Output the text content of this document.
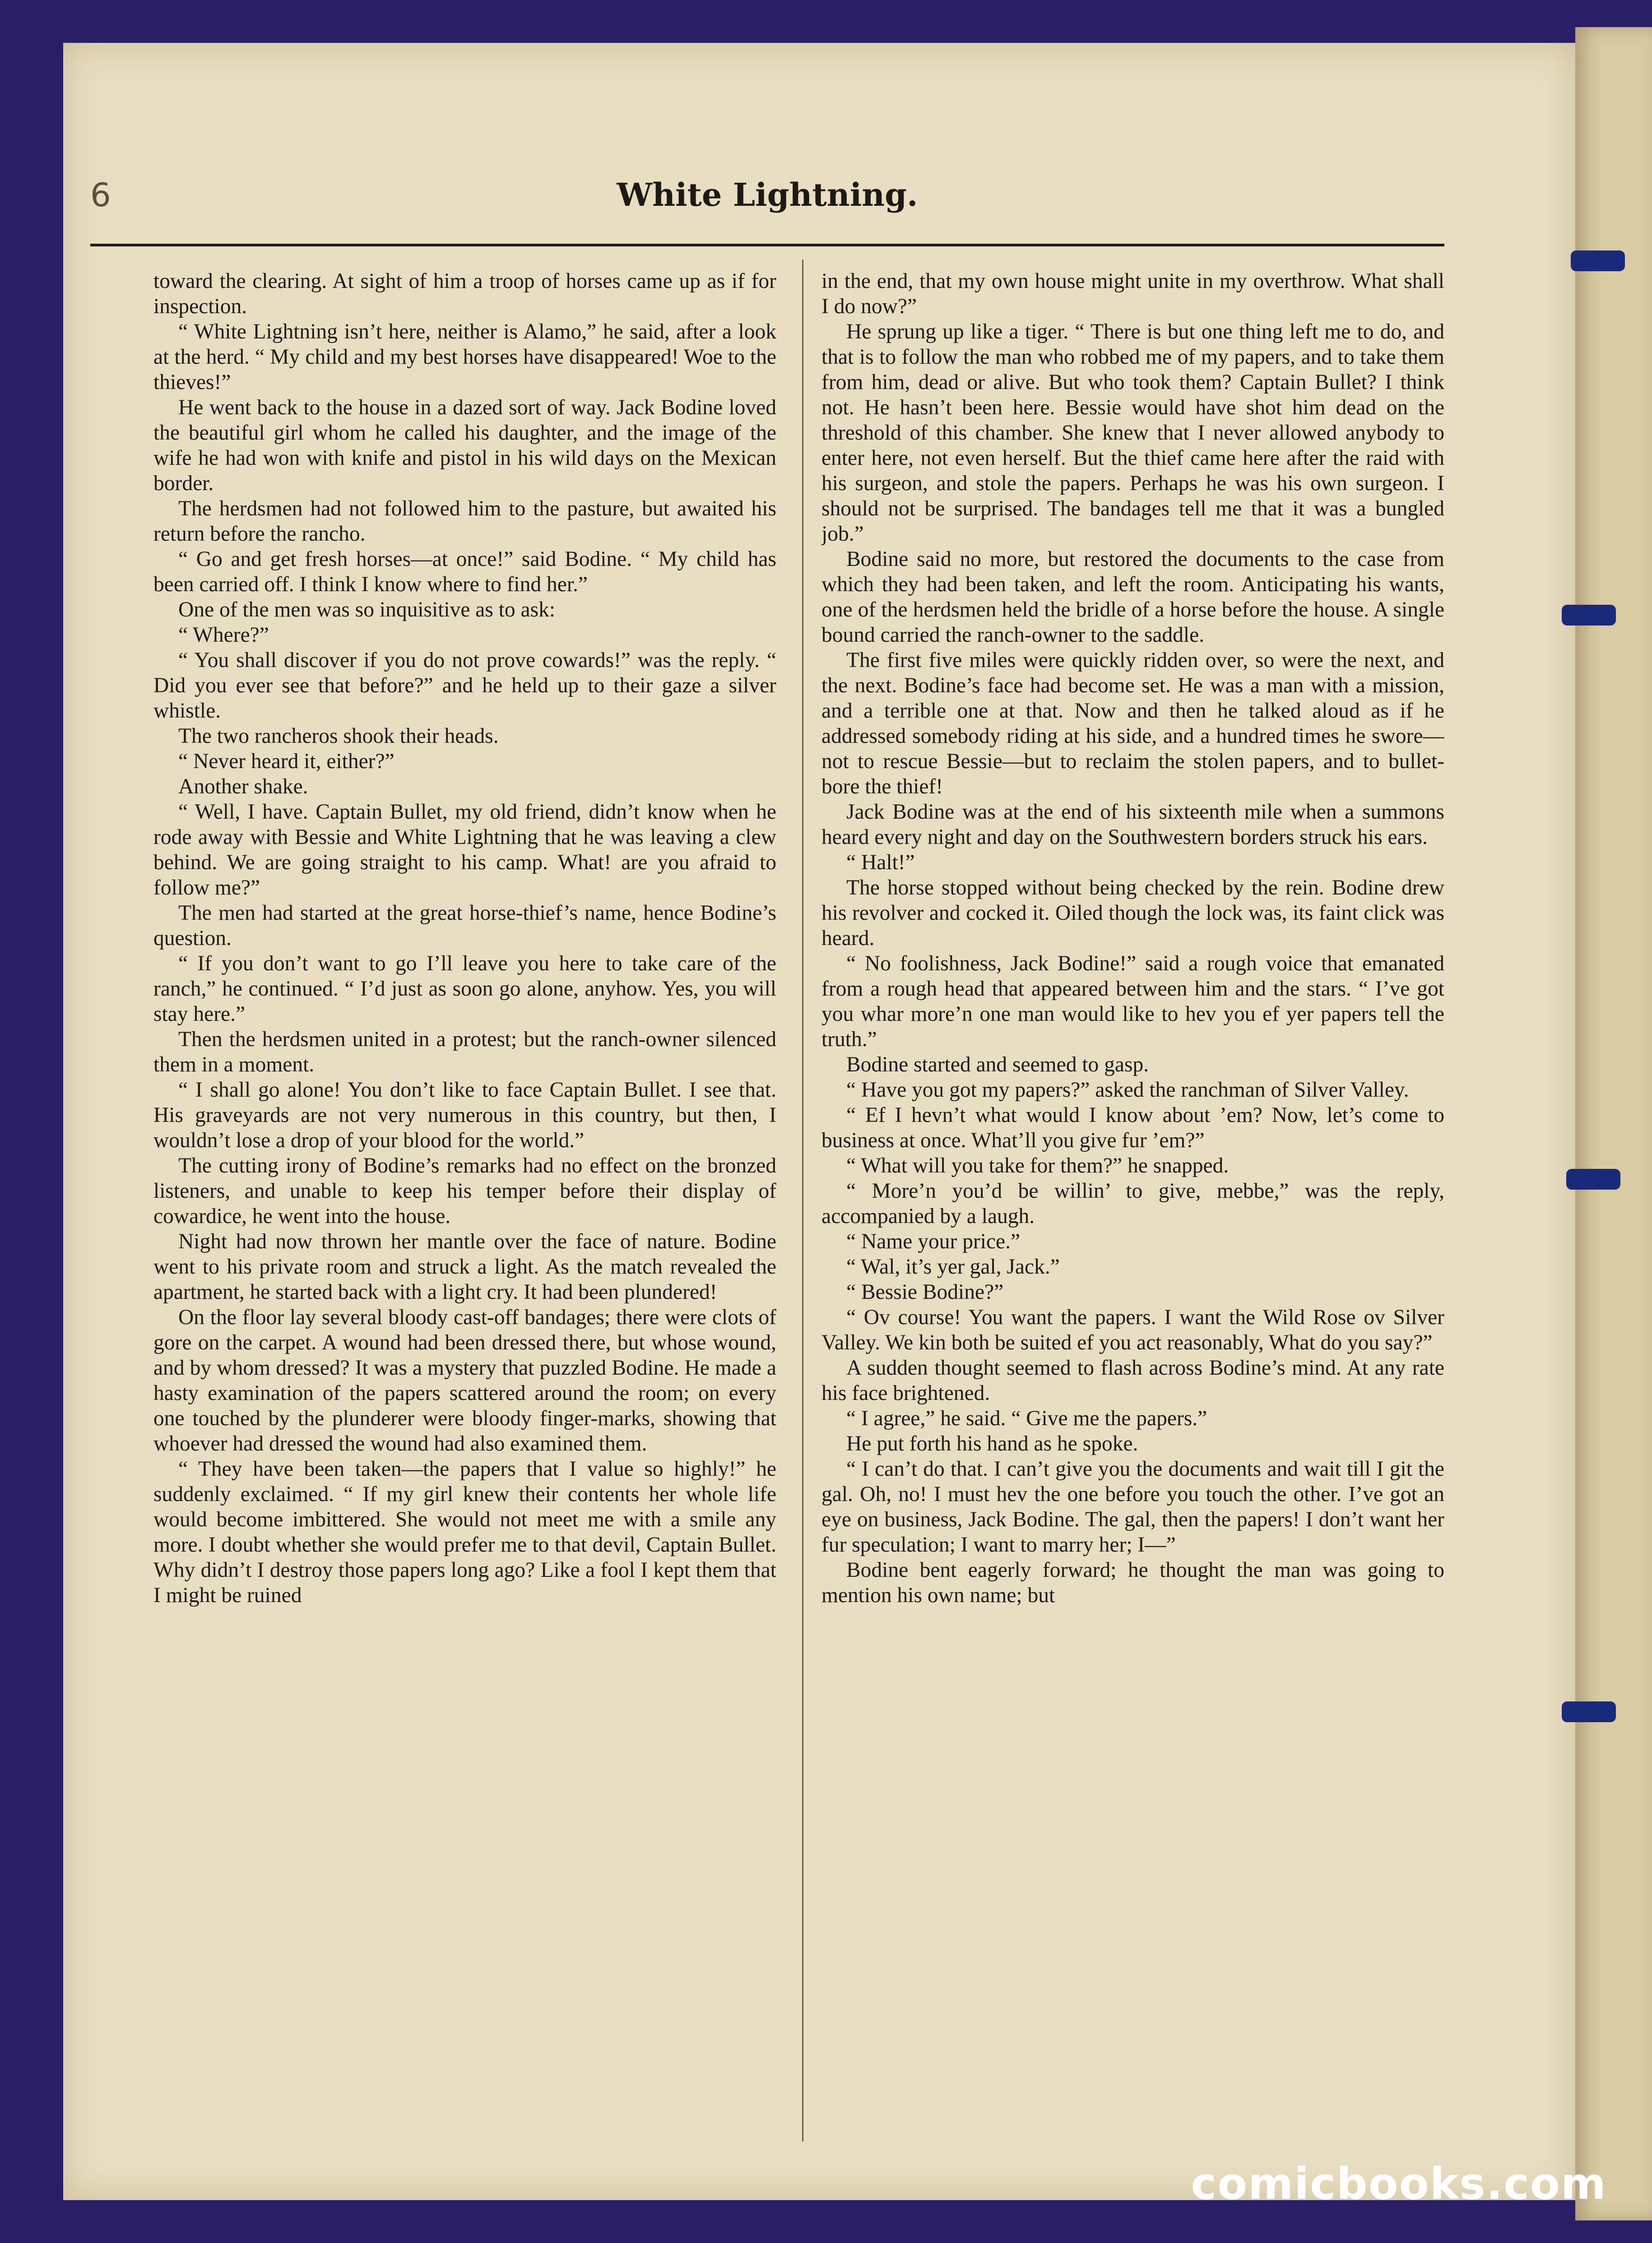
6	White Lightning.

toward the clearing. At sight of him a troop of horses came up as if for inspection.

“ White Lightning isn’t here, neither is Alamo,” he said, after a look at the herd. “ My child and my best horses have disappeared! Woe to the thieves!”

He went back to the house in a dazed sort of way. Jack Bodine loved the beautiful girl whom he called his daughter, and the image of the wife he had won with knife and pistol in his wild days on the Mexican border.

The herdsmen had not followed him to the pasture, but awaited his return before the rancho.

“ Go and get fresh horses—at once!” said Bodine. “ My child has been carried off. I think I know where to find her.”

One of the men was so inquisitive as to ask:

“ Where?”

“ You shall discover if you do not prove cowards!” was the reply. “ Did you ever see that before?” and he held up to their gaze a silver whistle.

The two rancheros shook their heads.

“ Never heard it, either?”

Another shake.

“ Well, I have. Captain Bullet, my old friend, didn’t know when he rode away with Bessie and White Lightning that he was leaving a clew behind. We are going straight to his camp. What! are you afraid to follow me?”

The men had started at the great horse-thief’s name, hence Bodine’s question.

“ If you don’t want to go I’ll leave you here to take care of the ranch,” he continued. “ I’d just as soon go alone, anyhow. Yes, you will stay here.”

Then the herdsmen united in a protest; but the ranch-owner silenced them in a moment.

“ I shall go alone! You don’t like to face Captain Bullet. I see that. His graveyards are not very numerous in this country, but then, I wouldn’t lose a drop of your blood for the world.”

The cutting irony of Bodine’s remarks had no effect on the bronzed listeners, and unable to keep his temper before their display of cowardice, he went into the house.

Night had now thrown her mantle over the face of nature. Bodine went to his private room and struck a light. As the match revealed the apartment, he started back with a light cry. It had been plundered!

On the floor lay several bloody cast-off bandages; there were clots of gore on the carpet. A wound had been dressed there, but whose wound, and by whom dressed? It was a mystery that puzzled Bodine. He made a hasty examination of the papers scattered around the room; on every one touched by the plunderer were bloody finger-marks, showing that whoever had dressed the wound had also examined them.

“ They have been taken—the papers that I value so highly!” he suddenly exclaimed. “ If my girl knew their contents her whole life would become imbittered. She would not meet me with a smile any more. I doubt whether she would prefer me to that devil, Captain Bullet. Why didn’t I destroy those papers long ago? Like a fool I kept them that I might be ruined

in the end, that my own house might unite in my overthrow. What shall I do now?”

He sprung up like a tiger. “ There is but one thing left me to do, and that is to follow the man who robbed me of my papers, and to take them from him, dead or alive. But who took them? Captain Bullet? I think not. He hasn’t been here. Bessie would have shot him dead on the threshold of this chamber. She knew that I never allowed anybody to enter here, not even herself. But the thief came here after the raid with his surgeon, and stole the papers. Perhaps he was his own surgeon. I should not be surprised. The bandages tell me that it was a bungled job.”

Bodine said no more, but restored the documents to the case from which they had been taken, and left the room. Anticipating his wants, one of the herdsmen held the bridle of a horse before the house. A single bound carried the ranch-owner to the saddle.

The first five miles were quickly ridden over, so were the next, and the next. Bodine’s face had become set. He was a man with a mission, and a terrible one at that. Now and then he talked aloud as if he addressed somebody riding at his side, and a hundred times he swore—not to rescue Bessie—but to reclaim the stolen papers, and to bullet-bore the thief!

Jack Bodine was at the end of his sixteenth mile when a summons heard every night and day on the Southwestern borders struck his ears.

“ Halt!”

The horse stopped without being checked by the rein. Bodine drew his revolver and cocked it. Oiled though the lock was, its faint click was heard.

“ No foolishness, Jack Bodine!” said a rough voice that emanated from a rough head that appeared between him and the stars. “ I’ve got you whar more’n one man would like to hev you ef yer papers tell the truth.”

Bodine started and seemed to gasp.

“ Have you got my papers?” asked the ranchman of Silver Valley.

“ Ef I hevn’t what would I know about ’em? Now, let’s come to business at once. What’ll you give fur ’em?”

“ What will you take for them?” he snapped.

“ More’n you’d be willin’ to give, mebbe,” was the reply, accompanied by a laugh.

“ Name your price.”

“ Wal, it’s yer gal, Jack.”

“ Bessie Bodine?”

“ Ov course! You want the papers. I want the Wild Rose ov Silver Valley. We kin both be suited ef you act reasonably, What do you say?”

A sudden thought seemed to flash across Bodine’s mind. At any rate his face brightened.

“ I agree,” he said. “ Give me the papers.”

He put forth his hand as he spoke.

“ I can’t do that. I can’t give you the documents and wait till I git the gal. Oh, no! I must hev the one before you touch the other. I’ve got an eye on business, Jack Bodine. The gal, then the papers! I don’t want her fur speculation; I want to marry her; I—”

Bodine bent eagerly forward; he thought the man was going to mention his own name; but

comicbooks.com
